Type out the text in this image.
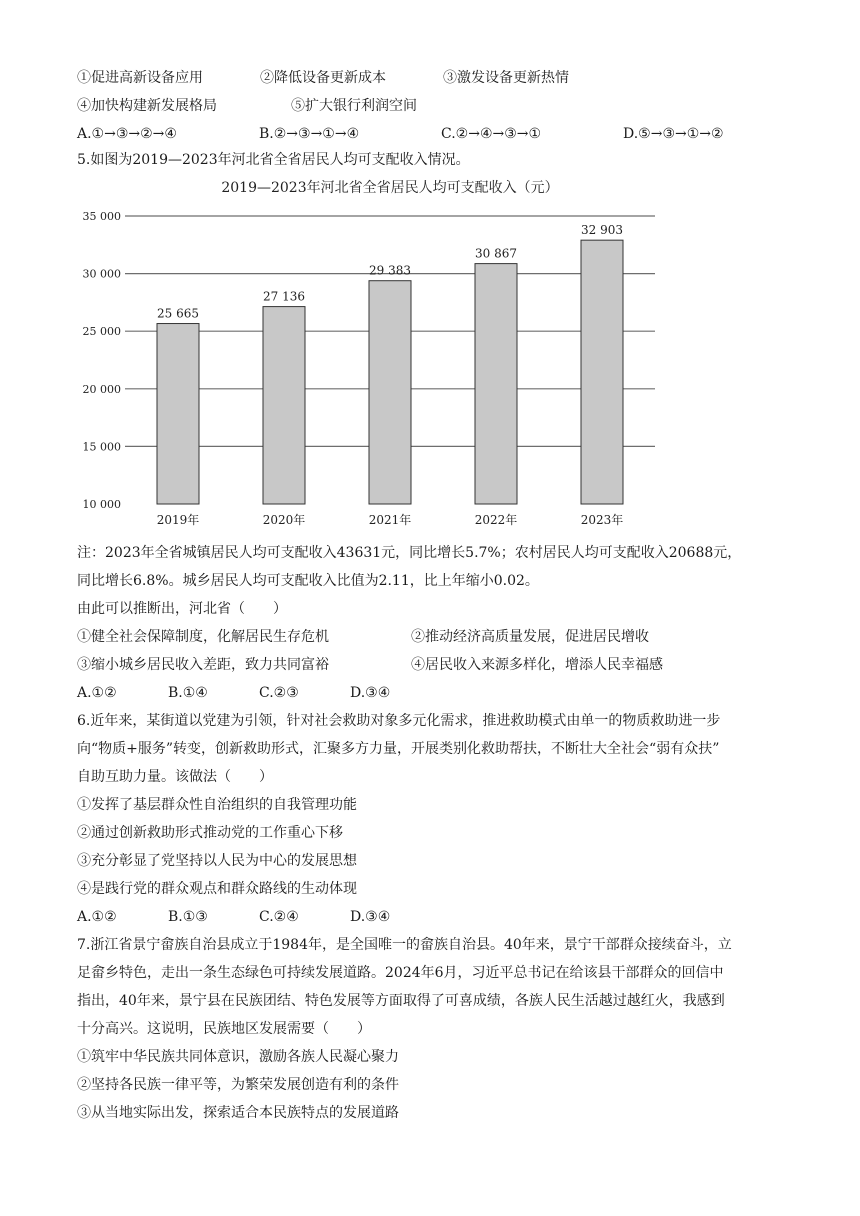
①促进高新设备应用	②降低设备更新成本	③激发设备更新热情
④加快构建新发展格局	⑤扩大银行利润空间
A.①→③→②→④	B.②→③→①→④	C.②→④→③→①	D.⑤→③→①→②
5.如图为2019—2023年河北省全省居民人均可支配收入情况。
2019—2023年河北省全省居民人均可支配收入（元）
10 000
15 000
20 000
25 000
30 000
35 000
25 665
27 136
29 383
30 867
32 903
2019年	2020年	2021年	2022年	2023年
注：2023年全省城镇居民人均可支配收入43631元，同比增长5.7%；农村居民人均可支配收入20688元，
同比增长6.8%。城乡居民人均可支配收入比值为2.11，比上年缩小0.02。
由此可以推断出，河北省（　　）
①健全社会保障制度，化解居民生存危机	②推动经济高质量发展，促进居民增收
③缩小城乡居民收入差距，致力共同富裕	④居民收入来源多样化，增添人民幸福感
A.①②	B.①④	C.②③	D.③④
6.近年来，某街道以党建为引领，针对社会救助对象多元化需求，推进救助模式由单一的物质救助进一步
向“物质+服务”转变，创新救助形式，汇聚多方力量，开展类别化救助帮扶，不断壮大全社会“弱有众扶”
自助互助力量。该做法（　　）
①发挥了基层群众性自治组织的自我管理功能
②通过创新救助形式推动党的工作重心下移
③充分彰显了党坚持以人民为中心的发展思想
④是践行党的群众观点和群众路线的生动体现
A.①②	B.①③	C.②④	D.③④
7.浙江省景宁畲族自治县成立于1984年，是全国唯一的畲族自治县。40年来，景宁干部群众接续奋斗，立
足畲乡特色，走出一条生态绿色可持续发展道路。2024年6月，习近平总书记在给该县干部群众的回信中
指出，40年来，景宁县在民族团结、特色发展等方面取得了可喜成绩，各族人民生活越过越红火，我感到
十分高兴。这说明，民族地区发展需要（　　）
①筑牢中华民族共同体意识，激励各族人民凝心聚力
②坚持各民族一律平等，为繁荣发展创造有利的条件
③从当地实际出发，探索适合本民族特点的发展道路
